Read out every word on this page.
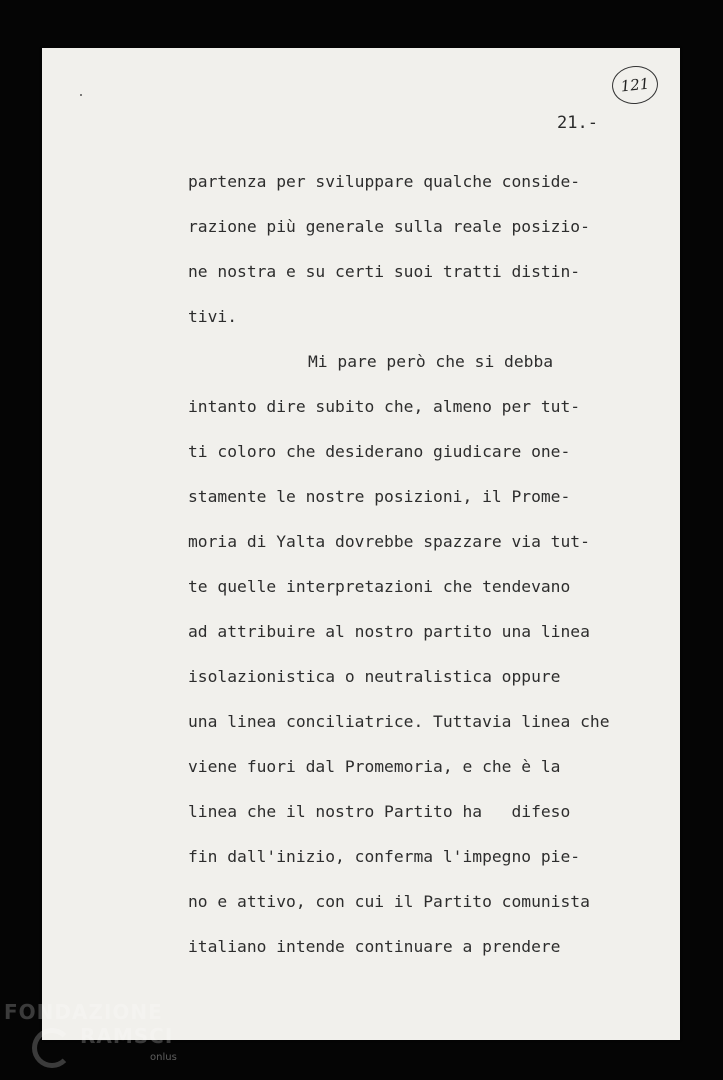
121
21.-
partenza per sviluppare qualche conside-
razione più generale sulla reale posizio-
ne nostra e su certi suoi tratti distin-
tivi.
Mi pare però che si debba
intanto dire subito che, almeno per tut-
ti coloro che desiderano giudicare one-
stamente le nostre posizioni, il Prome-
moria di Yalta dovrebbe spazzare via tut-
te quelle interpretazioni che tendevano
ad attribuire al nostro partito una linea
isolazionistica o neutralistica oppure
una linea conciliatrice. Tuttavia linea che
viene fuori dal Promemoria, e che è la
linea che il nostro Partito ha   difeso
fin dall'inizio, conferma l'impegno pie-
no e attivo, con cui il Partito comunista
italiano intende continuare a prendere
FONDAZIONE
RAMSCI
onlus
